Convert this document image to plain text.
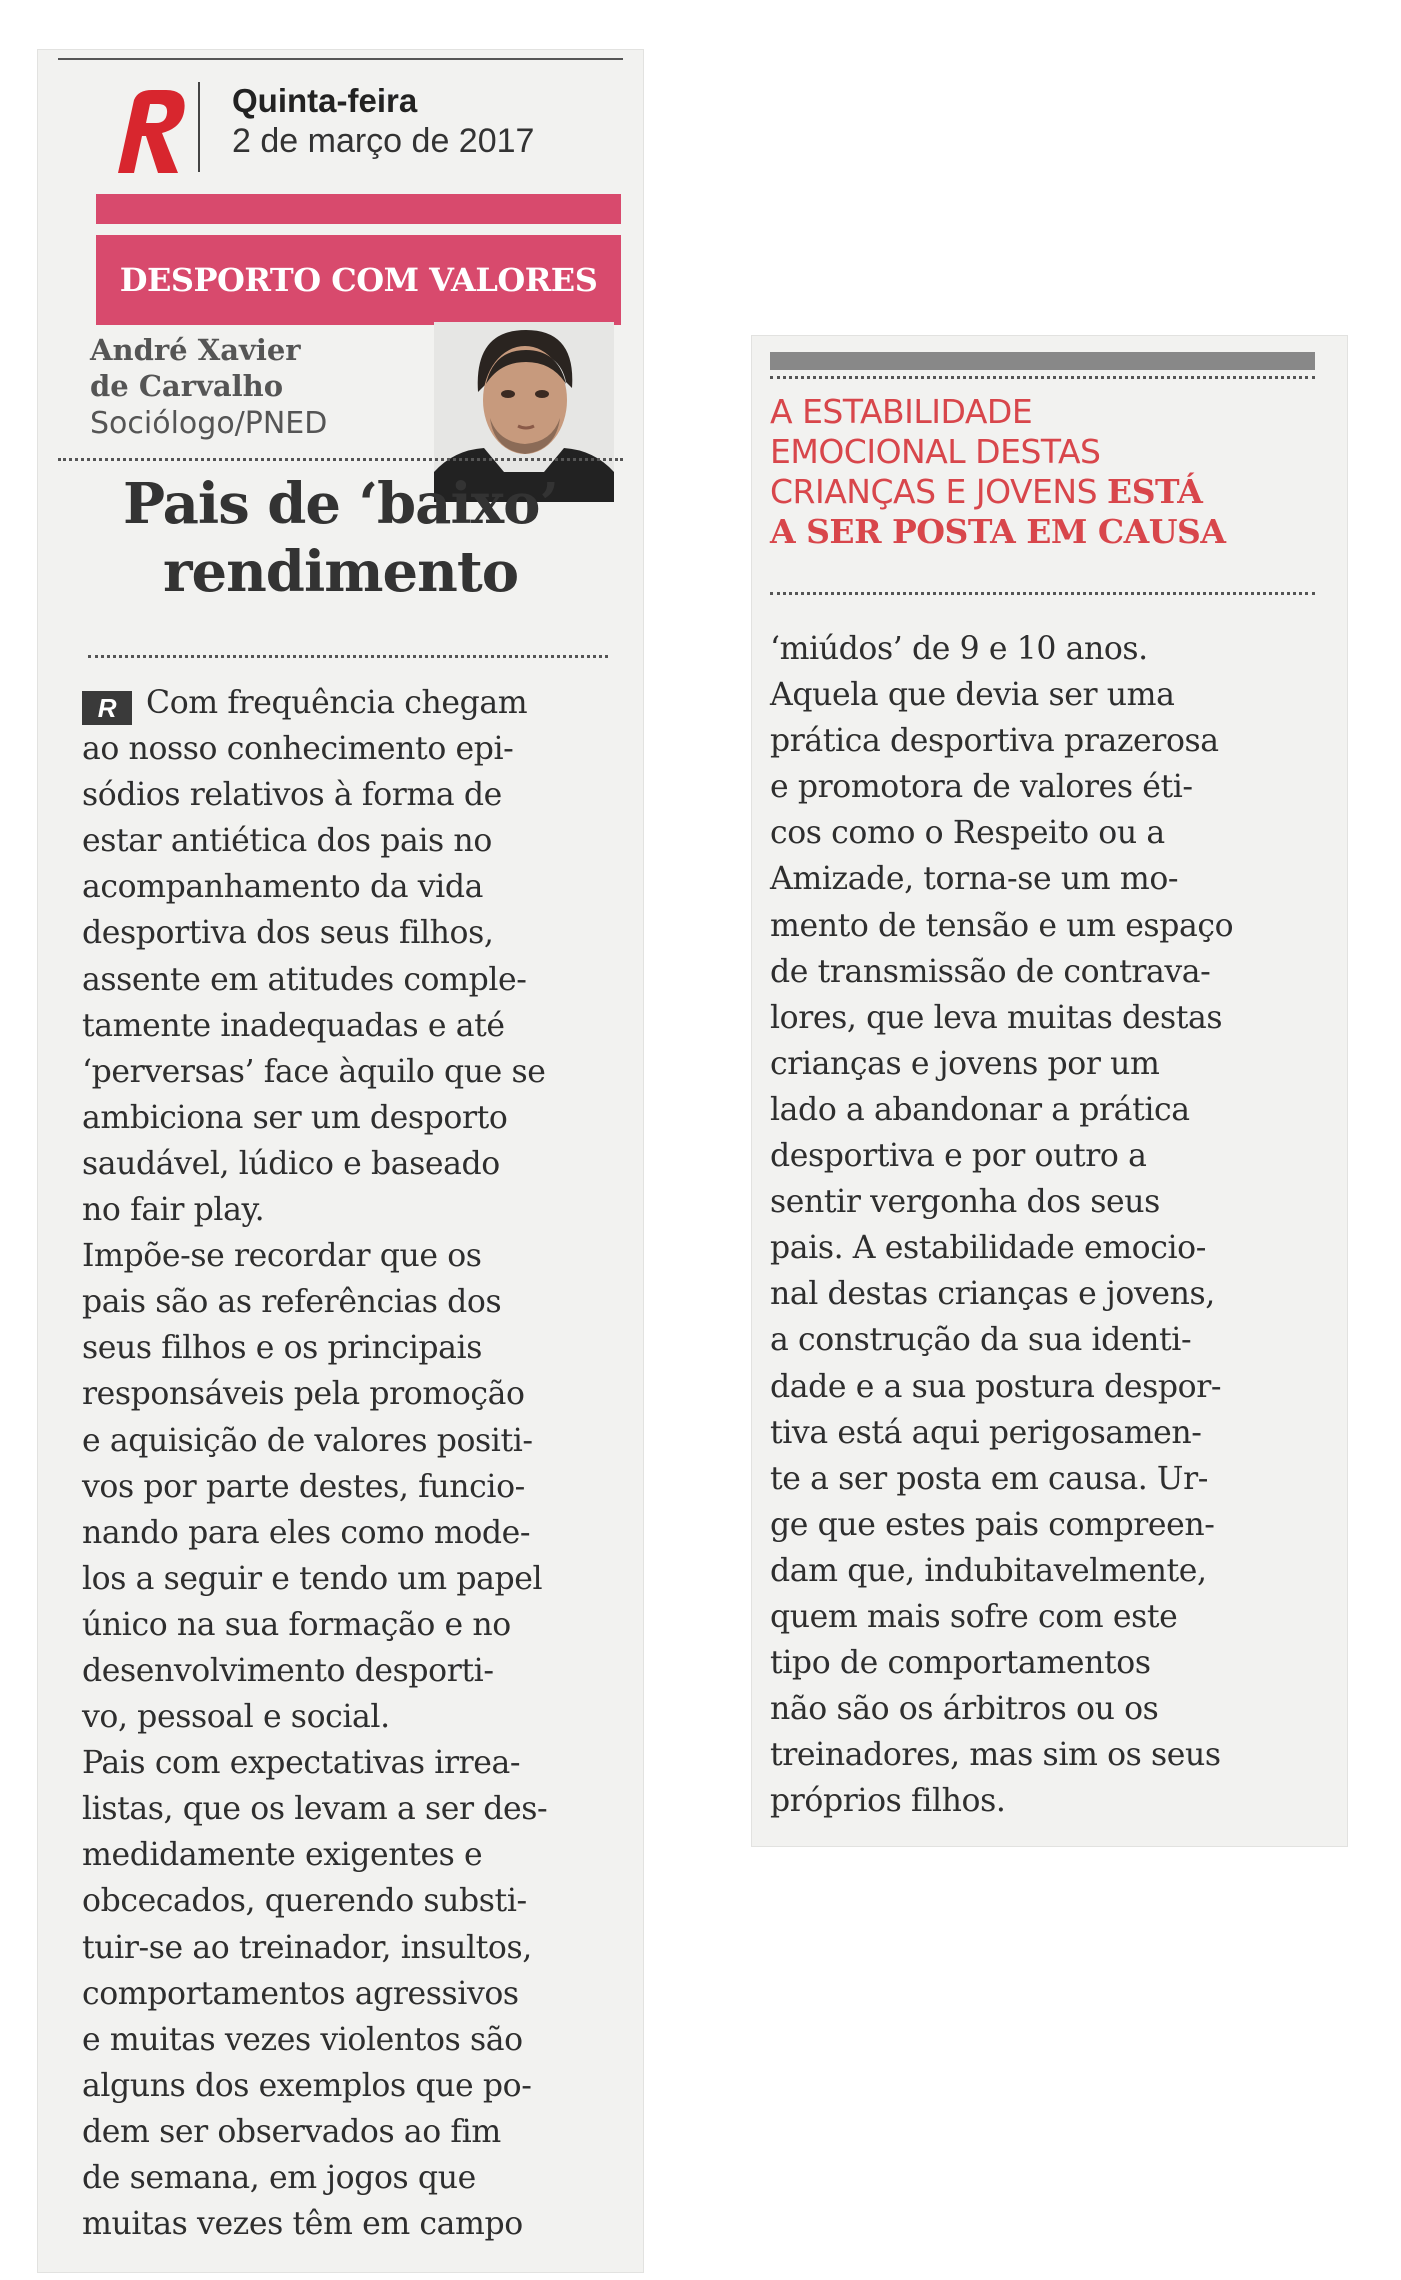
Quinta-feira
2 de março de 2017
DESPORTO COM VALORES
André Xavier
de Carvalho
Sociólogo/PNED
Pais de ‘baixo’
rendimento
R Com frequência chegam
ao nosso conhecimento epi-
sódios relativos à forma de
estar antiética dos pais no
acompanhamento da vida
desportiva dos seus filhos,
assente em atitudes comple-
tamente inadequadas e até
‘perversas’ face àquilo que se
ambiciona ser um desporto
saudável, lúdico e baseado
no fair play.
Impõe-se recordar que os
pais são as referências dos
seus filhos e os principais
responsáveis pela promoção
e aquisição de valores positi-
vos por parte destes, funcio-
nando para eles como mode-
los a seguir e tendo um papel
único na sua formação e no
desenvolvimento desporti-
vo, pessoal e social.
Pais com expectativas irrea-
listas, que os levam a ser des-
medidamente exigentes e
obcecados, querendo substi-
tuir-se ao treinador, insultos,
comportamentos agressivos
e muitas vezes violentos são
alguns dos exemplos que po-
dem ser observados ao fim
de semana, em jogos que
muitas vezes têm em campo
A ESTABILIDADE
EMOCIONAL DESTAS
CRIANÇAS E JOVENS ESTÁ
A SER POSTA EM CAUSA
‘miúdos’ de 9 e 10 anos.
Aquela que devia ser uma
prática desportiva prazerosa
e promotora de valores éti-
cos como o Respeito ou a
Amizade, torna-se um mo-
mento de tensão e um espaço
de transmissão de contrava-
lores, que leva muitas destas
crianças e jovens por um
lado a abandonar a prática
desportiva e por outro a
sentir vergonha dos seus
pais. A estabilidade emocio-
nal destas crianças e jovens,
a construção da sua identi-
dade e a sua postura despor-
tiva está aqui perigosamen-
te a ser posta em causa. Ur-
ge que estes pais compreen-
dam que, indubitavelmente,
quem mais sofre com este
tipo de comportamentos
não são os árbitros ou os
treinadores, mas sim os seus
próprios filhos.
